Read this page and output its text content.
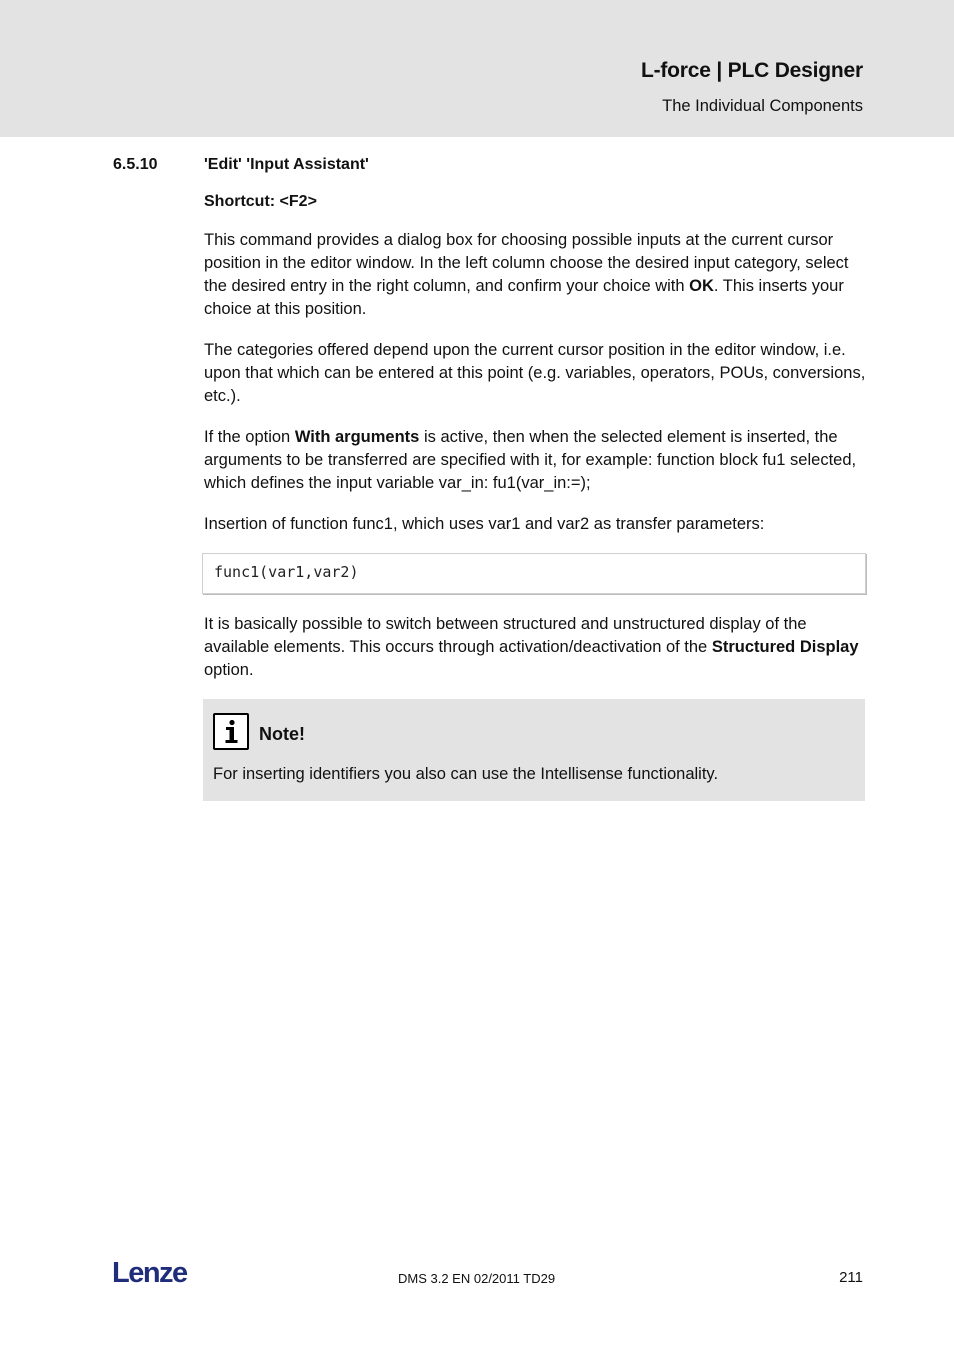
L-force | PLC Designer
The Individual Components
6.5.10	'Edit' 'Input Assistant'
Shortcut: <F2>

This command provides a dialog box for choosing possible inputs at the current cursor position in the editor window. In the left column choose the desired input category, select the desired entry in the right column, and confirm your choice with OK. This inserts your choice at this position.

The categories offered depend upon the current cursor position in the editor window, i.e. upon that which can be entered at this point (e.g. variables, operators, POUs, conversions, etc.).

If the option With arguments is active, then when the selected element is inserted, the arguments to be transferred are specified with it, for example: function block fu1 selected, which defines the input variable var_in: fu1(var_in:=);

Insertion of function func1, which uses var1 and var2 as transfer parameters:

func1(var1,var2)

It is basically possible to switch between structured and unstructured display of the available elements. This occurs through activation/deactivation of the Structured Display option.

Note!
For inserting identifiers you also can use the Intellisense functionality.
Lenze	DMS 3.2 EN 02/2011 TD29	211
